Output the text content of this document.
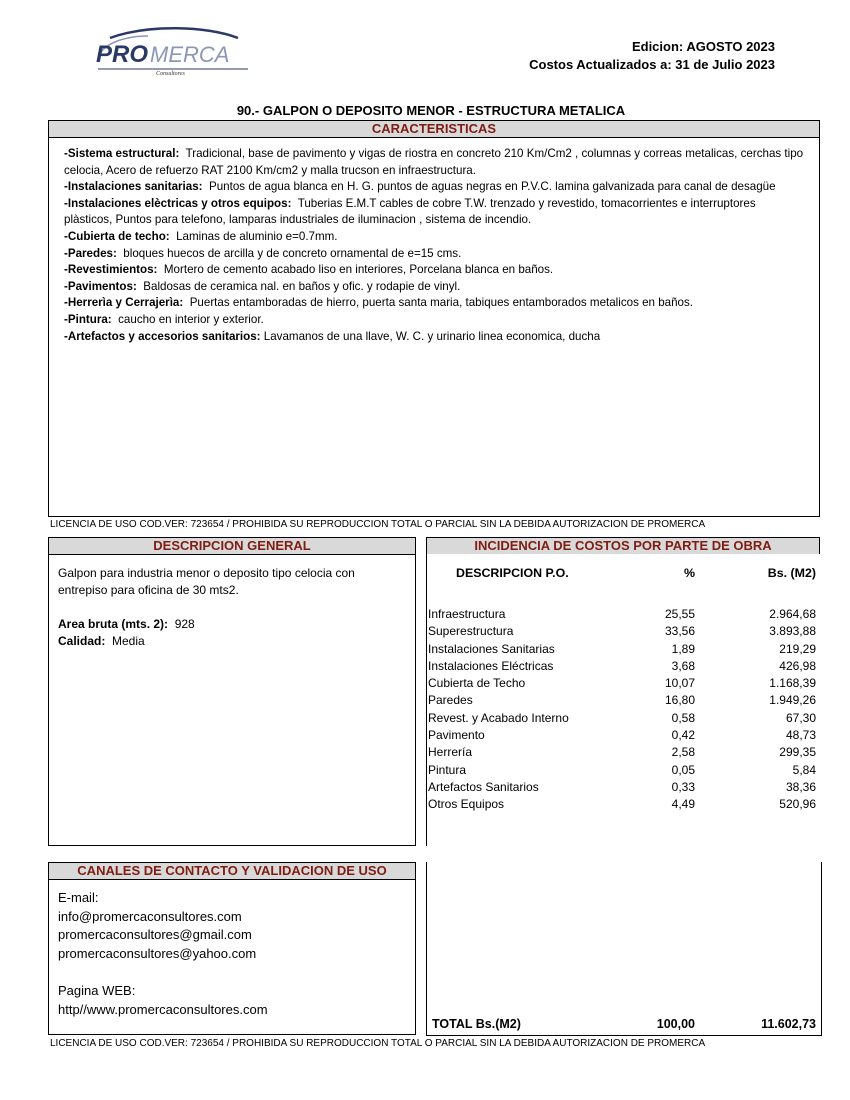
PRO MERCA
Consultores
Edicion: AGOSTO 2023
Costos Actualizados a: 31 de Julio 2023
90.- GALPON O DEPOSITO MENOR - ESTRUCTURA METALICA
CARACTERISTICAS

-Sistema estructural: Tradicional, base de pavimento y vigas de riostra en concreto 210 Km/Cm2 , columnas y correas metalicas, cerchas tipo celocia, Acero de refuerzo RAT 2100 Km/cm2 y malla trucson en infraestructura.

-Instalaciones sanitarias: Puntos de agua blanca en H. G. puntos de aguas negras en P.V.C. lamina galvanizada para canal de desagüe

-Instalaciones elèctricas y otros equipos: Tuberias E.M.T cables de cobre T.W. trenzado y revestido, tomacorrientes e interruptores plàsticos, Puntos para telefono, lamparas industriales de iluminacion , sistema de incendio.

-Cubierta de techo: Laminas de aluminio e=0.7mm.

-Paredes: bloques huecos de arcilla y de concreto ornamental de e=15 cms.

-Revestimientos: Mortero de cemento acabado liso en interiores, Porcelana blanca en baños.

-Pavimentos: Baldosas de ceramica nal. en baños y ofic. y rodapie de vinyl.

-Herrerìa y Cerrajerìa: Puertas entamboradas de hierro, puerta santa maria, tabiques entamborados metalicos en baños.

-Pintura: caucho en interior y exterior.

-Artefactos y accesorios sanitarios: Lavamanos de una llave, W. C. y urinario linea economica, ducha

LICENCIA DE USO COD.VER: 723654 / PROHIBIDA SU REPRODUCCION TOTAL O PARCIAL SIN LA DEBIDA AUTORIZACION DE PROMERCA
DESCRIPCION GENERAL

Galpon para industria menor o deposito tipo celocia con entrepiso para oficina de 30 mts2.

Area bruta (mts. 2): 928

Calidad: Media

INCIDENCIA DE COSTOS POR PARTE DE OBRA
DESCRIPCION P.O.	%	Bs. (M2)
Infraestructura	25,55	2.964,68
Superestructura	33,56	3.893,88
Instalaciones Sanitarias	1,89	219,29
Instalaciones Eléctricas	3,68	426,98
Cubierta de Techo	10,07	1.168,39
Paredes	16,80	1.949,26
Revest. y Acabado Interno	0,58	67,30
Pavimento	0,42	48,73
Herrería	2,58	299,35
Pintura	0,05	5,84
Artefactos Sanitarios	0,33	38,36
Otros Equipos	4,49	520,96
CANALES DE CONTACTO Y VALIDACION DE USO

E-mail:

info@promercaconsultores.com

promercaconsultores@gmail.com

promercaconsultores@yahoo.com

Pagina WEB:

http//www.promercaconsultores.com

TOTAL Bs.(M2)	100,00	11.602,73
LICENCIA DE USO COD.VER: 723654 / PROHIBIDA SU REPRODUCCION TOTAL O PARCIAL SIN LA DEBIDA AUTORIZACION DE PROMERCA
